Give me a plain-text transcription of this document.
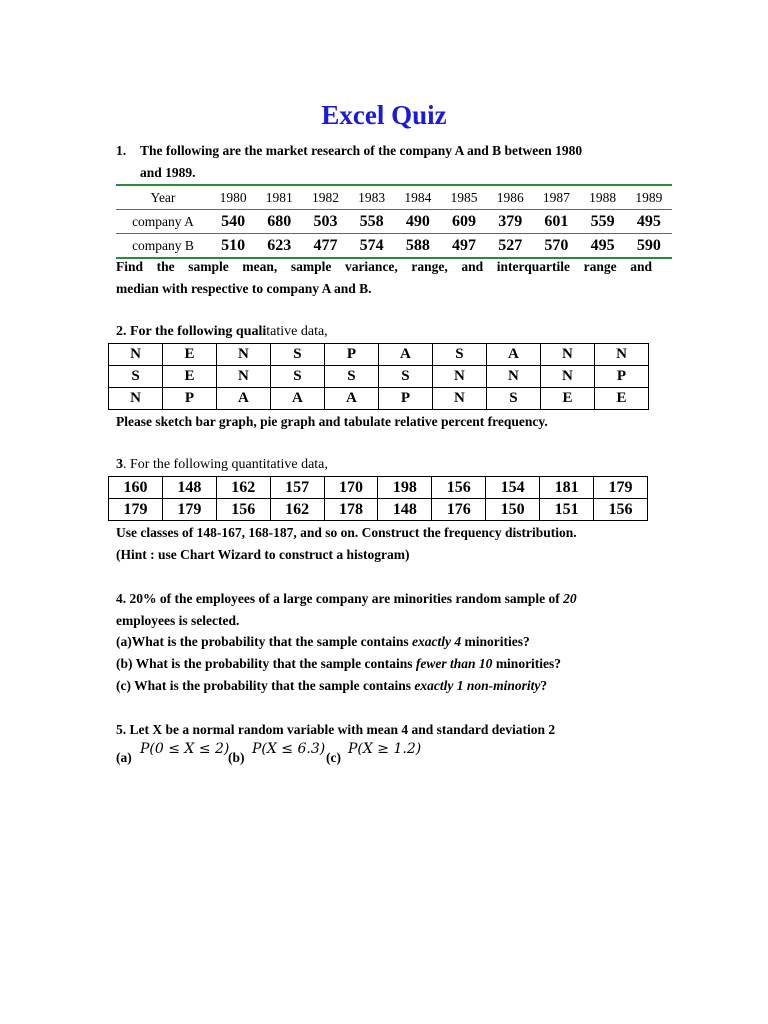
Excel Quiz
1. The following are the market research of the company A and B between 1980
and 1989.
Year	1980	1981	1982	1983	1984	1985	1986	1987	1988	1989
company A	540	680	503	558	490	609	379	601	559	495
company B	510	623	477	574	588	497	527	570	495	590
Find the sample mean, sample variance, range, and interquartile range and
median with respective to company A and B.
2. For the following qualitative data,
N	E	N	S	P	A	S	A	N	N
S	E	N	S	S	S	N	N	N	P
N	P	A	A	A	P	N	S	E	E
Please sketch bar graph, pie graph and tabulate relative percent frequency.
3. For the following quantitative data,
160	148	162	157	170	198	156	154	181	179
179	179	156	162	178	148	176	150	151	156
Use classes of 148-167, 168-187, and so on. Construct the frequency distribution.
(Hint : use Chart Wizard to construct a histogram)
4. 20% of the employees of a large company are minorities random sample of 20
employees is selected.
(a)What is the probability that the sample contains exactly 4 minorities?
(b) What is the probability that the sample contains fewer than 10 minorities?
(c) What is the probability that the sample contains exactly 1 non-minority?
5. Let X be a normal random variable with mean 4 and standard deviation 2
(a)
P(0 ≤ X ≤ 2)
(b)
P(X ≤ 6.3)
(c)
P(X ≥ 1.2)
